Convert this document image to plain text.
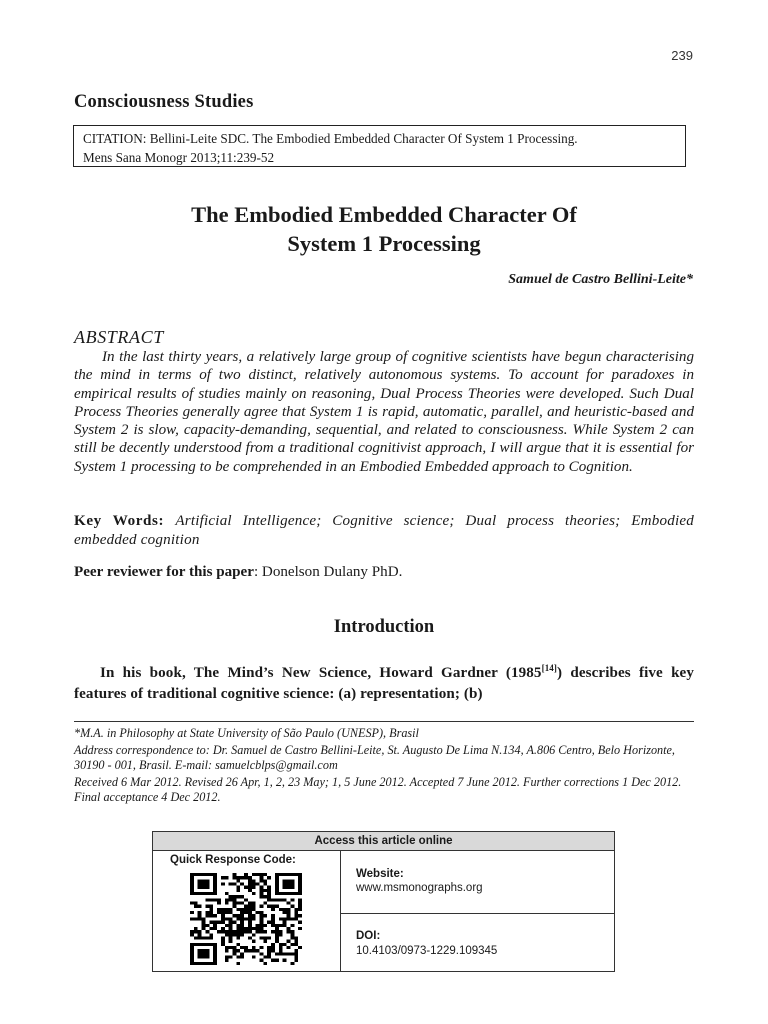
239
Consciousness Studies
CITATION: Bellini-Leite SDC. The Embodied Embedded Character Of System 1 Processing.
Mens Sana Monogr 2013;11:239-52
The Embodied Embedded Character Of
System 1 Processing
Samuel de Castro Bellini-Leite*
ABSTRACT
In the last thirty years, a relatively large group of cognitive scientists have begun characterising the mind in terms of two distinct, relatively autonomous systems. To account for paradoxes in empirical results of studies mainly on reasoning, Dual Process Theories were developed. Such Dual Process Theories generally agree that System 1 is rapid, automatic, parallel, and heuristic-based and System 2 is slow, capacity-demanding, sequential, and related to consciousness. While System 2 can still be decently understood from a traditional cognitivist approach, I will argue that it is essential for System 1 processing to be comprehended in an Embodied Embedded approach to Cognition.
Key Words: Artificial Intelligence; Cognitive science; Dual process theories; Embodied embedded cognition
Peer reviewer for this paper: Donelson Dulany PhD.
Introduction
In his book, The Mind’s New Science, Howard Gardner (1985[14]) describes five key features of traditional cognitive science: (a) representation; (b)

*M.A. in Philosophy at State University of São Paulo (UNESP), Brasil

Address correspondence to: Dr. Samuel de Castro Bellini-Leite, St. Augusto De Lima N.134, A.806 Centro, Belo Horizonte, 30190 - 001, Brasil. E-mail: samuelcblps@gmail.com

Received 6 Mar 2012. Revised 26 Apr, 1, 2, 23 May; 1, 5 June 2012. Accepted 7 June 2012. Further corrections 1 Dec 2012. Final acceptance 4 Dec 2012.

Access this article online
Quick Response Code:
Website:
www.msmonographs.org
DOI:
10.4103/0973-1229.109345
